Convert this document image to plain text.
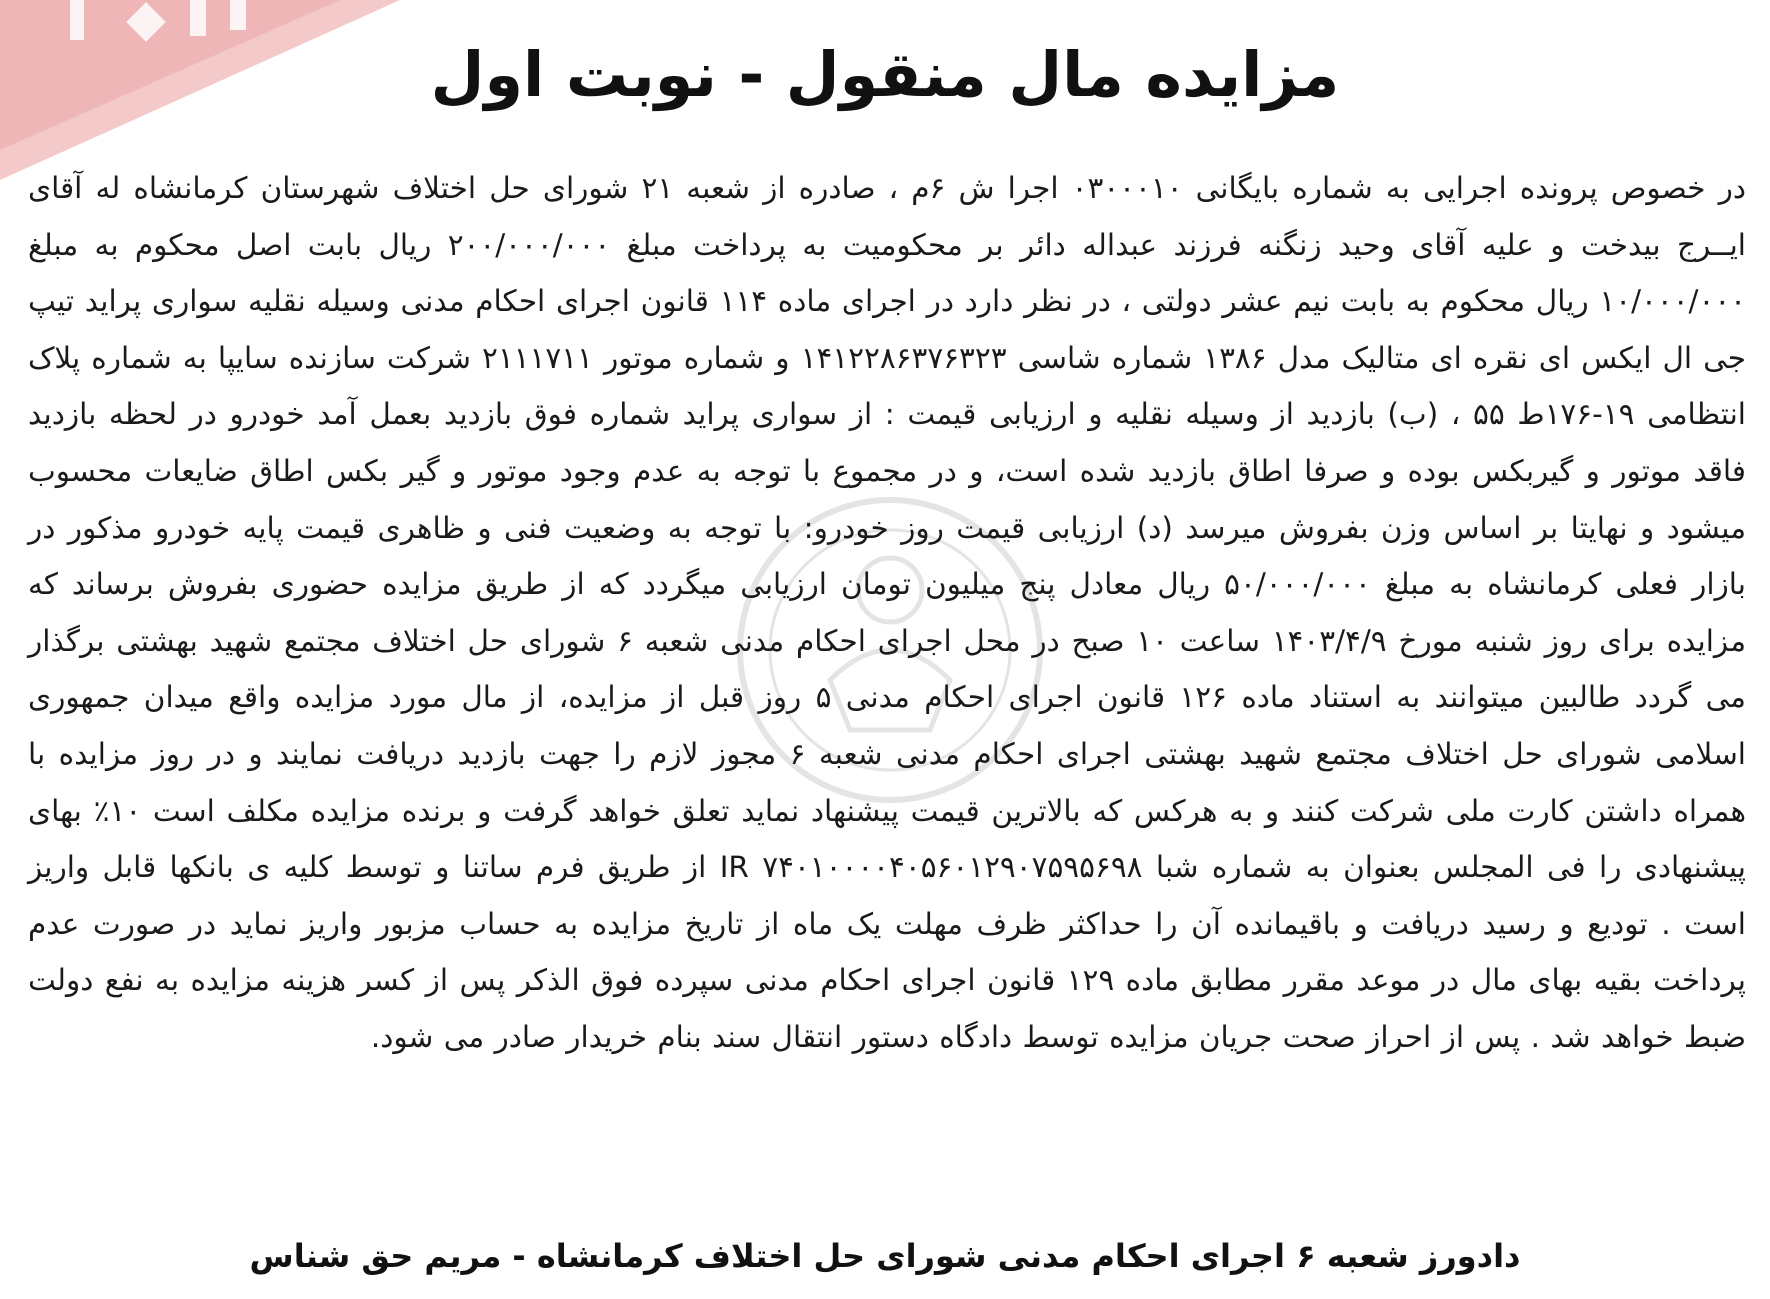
مزایده مال منقول - نوبت اول

در خصوص پرونده اجرایی به شماره بایگانی ۰۳۰۰۰۱۰ اجرا ش ۶م ، صادره از شعبه ۲۱ شورای حل اختلاف شهرستان کرمانشاه له آقای ایــرج بیدخت و علیه آقای وحید زنگنه فرزند عبداله دائر بر محکومیت به پرداخت مبلغ ۲۰۰/۰۰۰/۰۰۰ ریال بابت اصل محکوم به مبلغ ۱۰/۰۰۰/۰۰۰ ریال محکوم به بابت نیم عشر دولتی ، در نظر دارد در اجرای ماده ۱۱۴ قانون اجرای احکام مدنی وسیله نقلیه سواری پراید تیپ جی ال ایکس ای نقره ای متالیک مدل ۱۳۸۶ شماره شاسی ۱۴۱۲۲۸۶۳۷۶۳۲۳ و شماره موتور ۲۱۱۱۷۱۱ شرکت سازنده سایپا به شماره پلاک انتظامی ۱۹-۱۷۶ط ۵۵ ، (ب) بازدید از وسیله نقلیه و ارزیابی قیمت : از سواری پراید شماره فوق بازدید بعمل آمد خودرو در لحظه بازدید فاقد موتور و گیربکس بوده و صرفا اطاق بازدید شده است، و در مجموع با توجه به عدم وجود موتور و گیر بکس اطاق ضایعات محسوب میشود و نهایتا بر اساس وزن بفروش میرسد (د) ارزیابی قیمت روز خودرو: با توجه به وضعیت فنی و ظاهری قیمت پایه خودرو مذکور در بازار فعلی کرمانشاه به مبلغ ۵۰/۰۰۰/۰۰۰ ریال معادل پنج میلیون تومان ارزیابی میگردد که از طریق مزایده حضوری بفروش برساند که مزایده برای روز شنبه مورخ ۱۴۰۳/۴/۹ ساعت ۱۰ صبح در محل اجرای احکام مدنی شعبه ۶ شورای حل اختلاف مجتمع شهید بهشتی برگذار می گردد طالبین میتوانند به استناد ماده ۱۲۶ قانون اجرای احکام مدنی ۵ روز قبل از مزایده، از مال مورد مزایده واقع میدان جمهوری اسلامی شورای حل اختلاف مجتمع شهید بهشتی اجرای احکام مدنی شعبه ۶ مجوز لازم را جهت بازدید دریافت نمایند و در روز مزایده با همراه داشتن کارت ملی شرکت کنند و به هرکس که بالاترین قیمت پیشنهاد نماید تعلق خواهد گرفت و برنده مزایده مکلف است ۱۰٪ بهای پیشنهادی را فی المجلس بعنوان به شماره شبا IR ۷۴۰۱۰۰۰۰۴۰۵۶۰۱۲۹۰۷۵۹۵۶۹۸ از طریق فرم ساتنا و توسط کلیه ی بانکها قابل واریز است . تودیع و رسید دریافت و باقیمانده آن را حداکثر ظرف مهلت یک ماه از تاریخ مزایده به حساب مزبور واریز نماید در صورت عدم پرداخت بقیه بهای مال در موعد مقرر مطابق ماده ۱۲۹ قانون اجرای احکام مدنی سپرده فوق الذکر پس از کسر هزینه مزایده به نفع دولت ضبط خواهد شد . پس از احراز صحت جریان مزایده توسط دادگاه دستور انتقال سند بنام خریدار صادر می شود.

دادورز شعبه ۶ اجرای احکام مدنی شورای حل اختلاف کرمانشاه - مریم حق شناس
